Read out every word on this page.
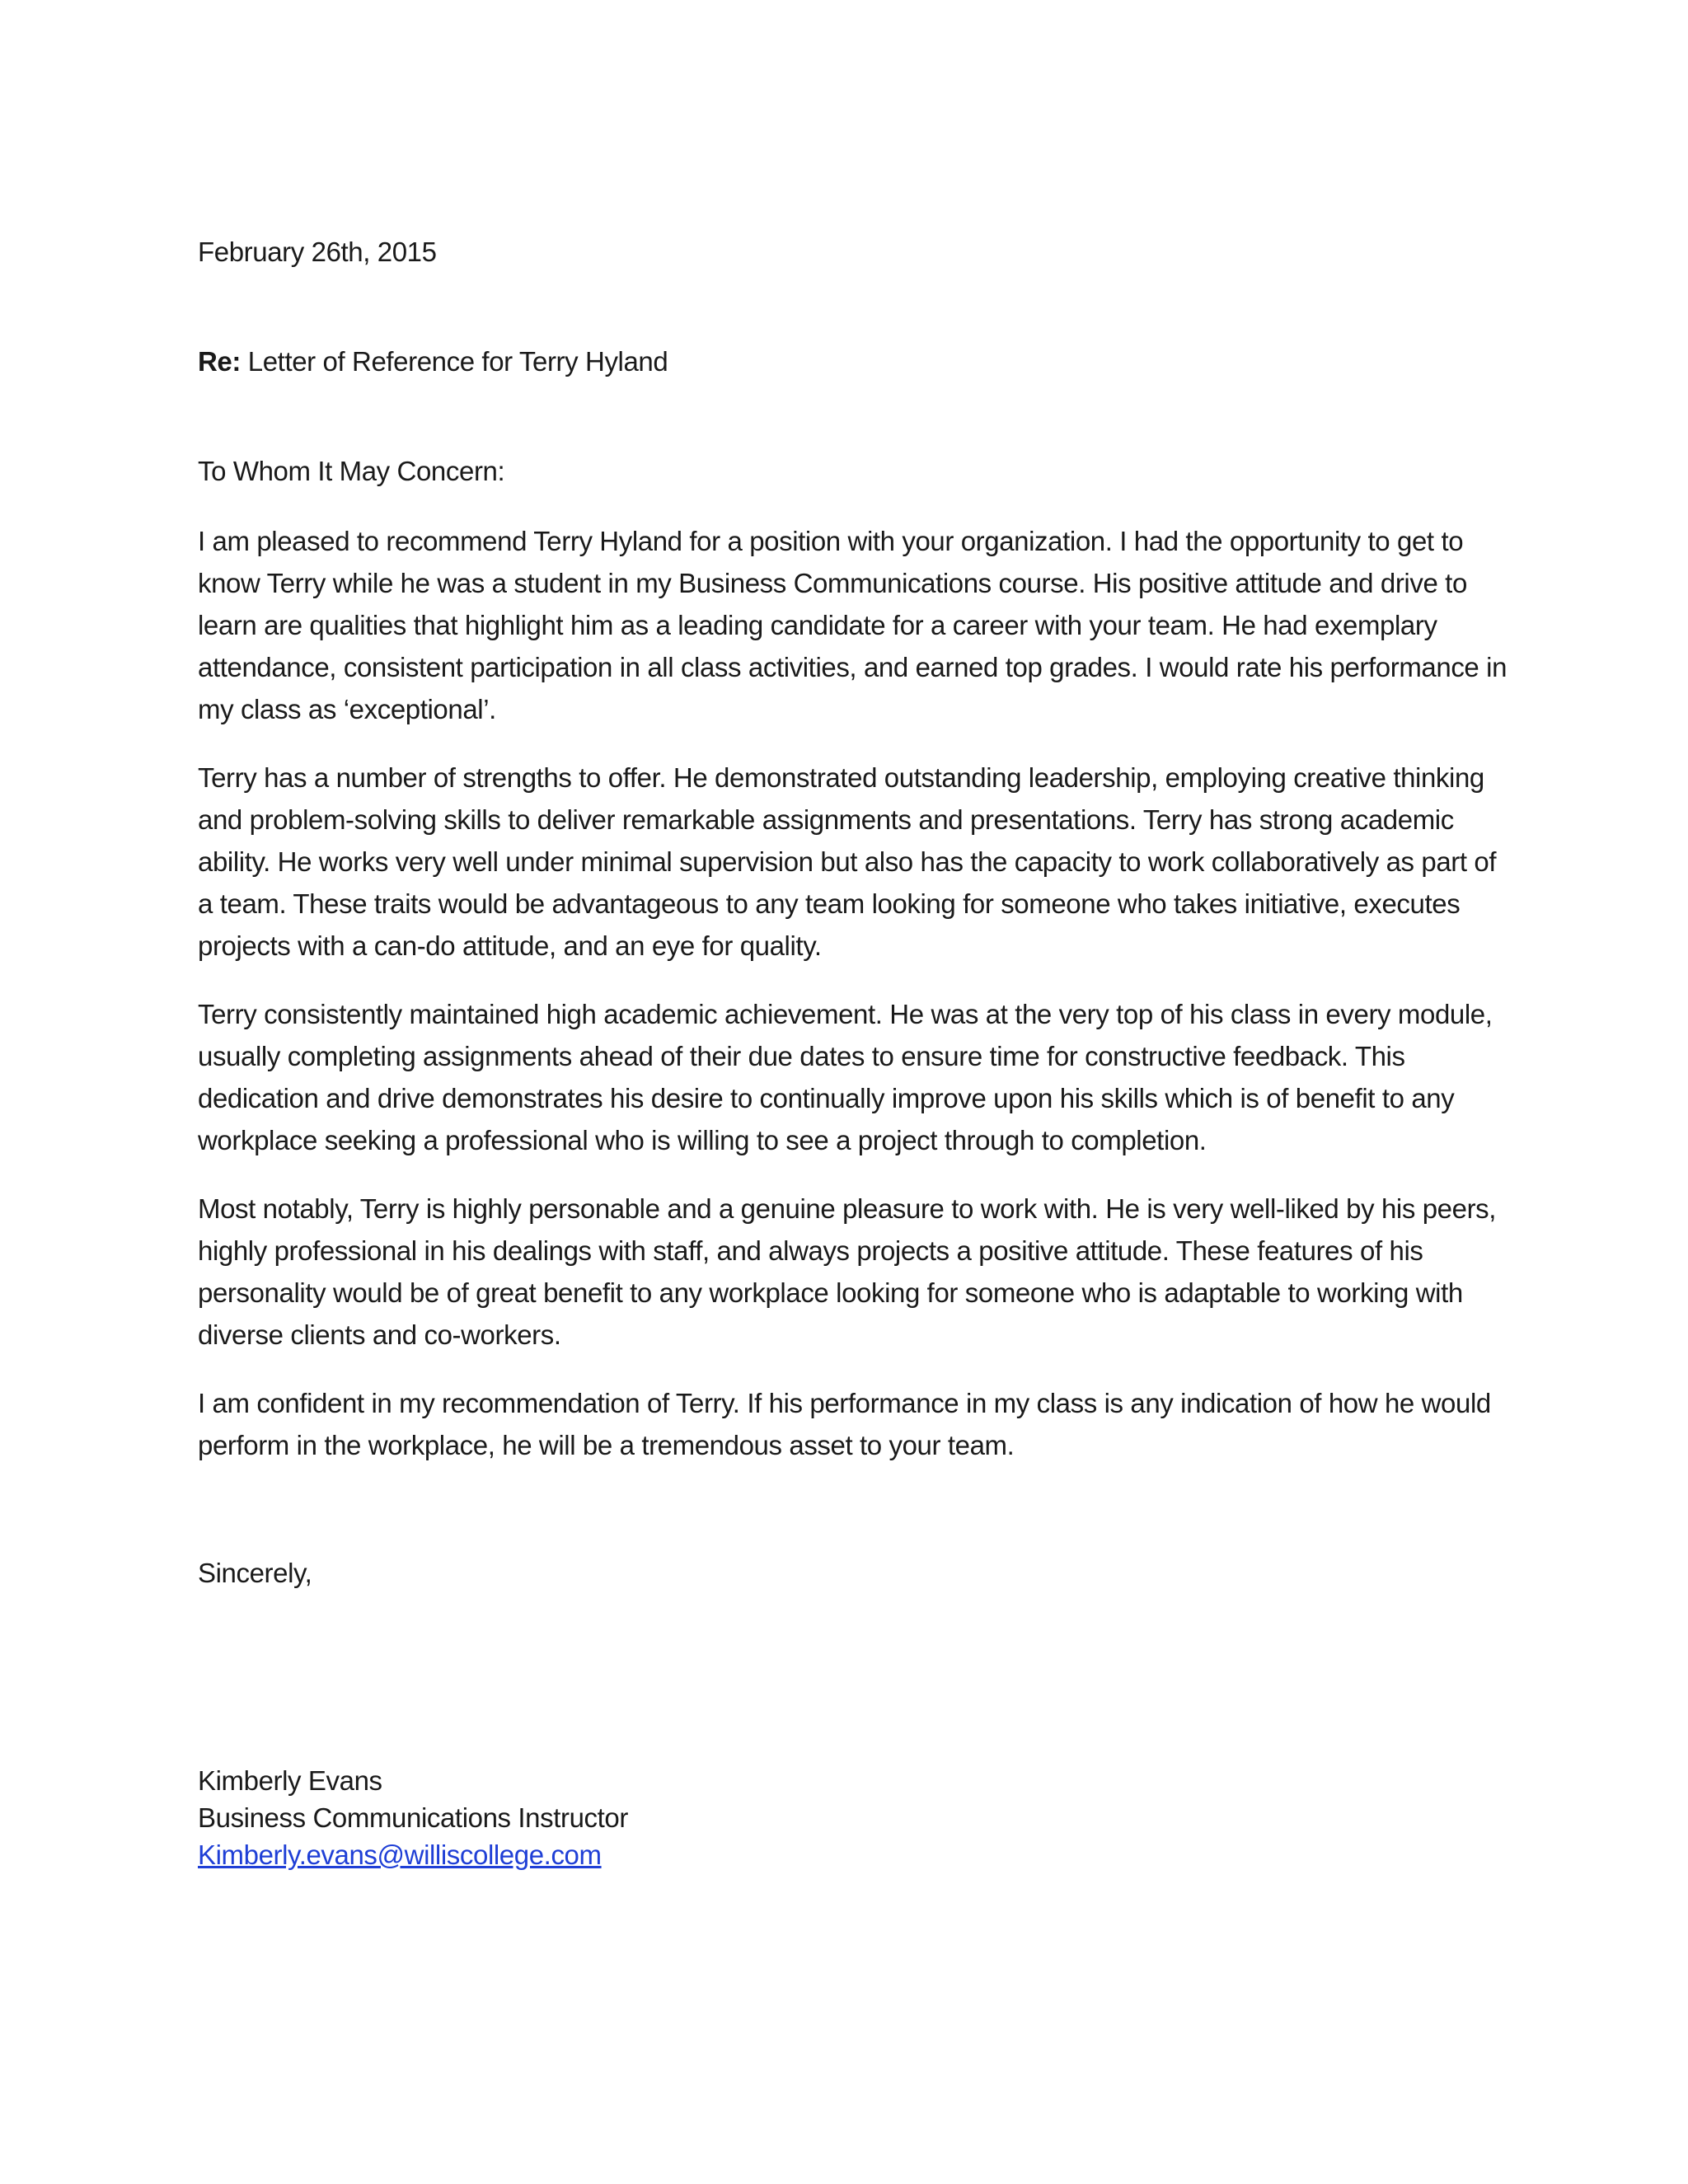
February 26th, 2015

Re: Letter of Reference for Terry Hyland

To Whom It May Concern:

I am pleased to recommend Terry Hyland for a position with your organization. I had the opportunity to get to know Terry while he was a student in my Business Communications course. His positive attitude and drive to learn are qualities that highlight him as a leading candidate for a career with your team. He had exemplary attendance, consistent participation in all class activities, and earned top grades. I would rate his performance in my class as ‘exceptional’.

Terry has a number of strengths to offer. He demonstrated outstanding leadership, employing creative thinking and problem-solving skills to deliver remarkable assignments and presentations. Terry has strong academic ability. He works very well under minimal supervision but also has the capacity to work collaboratively as part of a team. These traits would be advantageous to any team looking for someone who takes initiative, executes projects with a can-do attitude, and an eye for quality.

Terry consistently maintained high academic achievement. He was at the very top of his class in every module, usually completing assignments ahead of their due dates to ensure time for constructive feedback. This dedication and drive demonstrates his desire to continually improve upon his skills which is of benefit to any workplace seeking a professional who is willing to see a project through to completion.

Most notably, Terry is highly personable and a genuine pleasure to work with. He is very well-liked by his peers, highly professional in his dealings with staff, and always projects a positive attitude. These features of his personality would be of great benefit to any workplace looking for someone who is adaptable to working with diverse clients and co-workers.

I am confident in my recommendation of Terry. If his performance in my class is any indication of how he would perform in the workplace, he will be a tremendous asset to your team.

Sincerely,

Kimberly Evans
Business Communications Instructor
Kimberly.evans@williscollege.com
